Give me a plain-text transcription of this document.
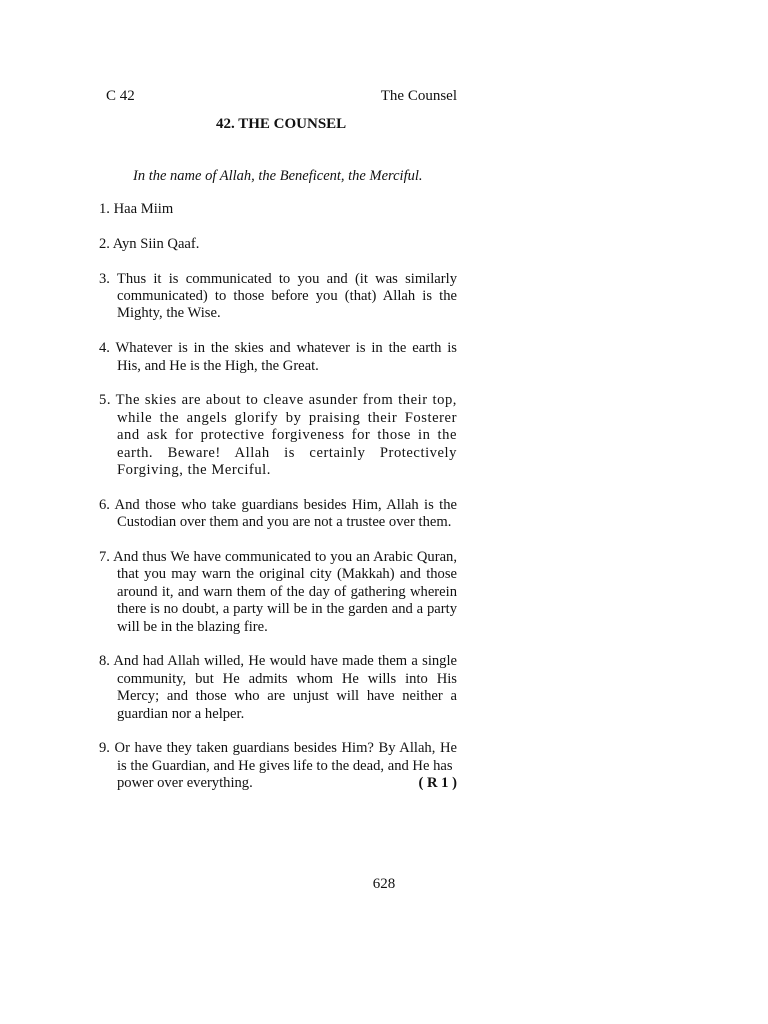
C 42	The Counsel
42. THE COUNSEL
In the name of Allah, the Beneficent, the Merciful.

1. Haa Miim

2. Ayn Siin Qaaf.

3. Thus it is communicated to you and (it was similarly communicated) to those before you (that) Allah is the Mighty, the Wise.

4. Whatever is in the skies and whatever is in the earth is His, and He is the High, the Great.

5. The skies are about to cleave asunder from their top, while the angels glorify by praising their Fosterer and ask for protective forgiveness for those in the earth. Beware! Allah is certainly Protectively Forgiving, the Merciful.

6. And those who take guardians besides Him, Allah is the Custodian over them and you are not a trustee over them.

7. And thus We have communicated to you an Arabic Quran, that you may warn the original city (Makkah) and those around it, and warn them of the day of gathering wherein there is no doubt, a party will be in the garden and a party will be in the blazing fire.

8. And had Allah willed, He would have made them a single community, but He admits whom He wills into His Mercy; and those who are unjust will have neither a guardian nor a helper.

9. Or have they taken guardians besides Him? By Allah, He is the Guardian, and He gives life to the dead, and He has
power over everything.	( R 1 )
628
